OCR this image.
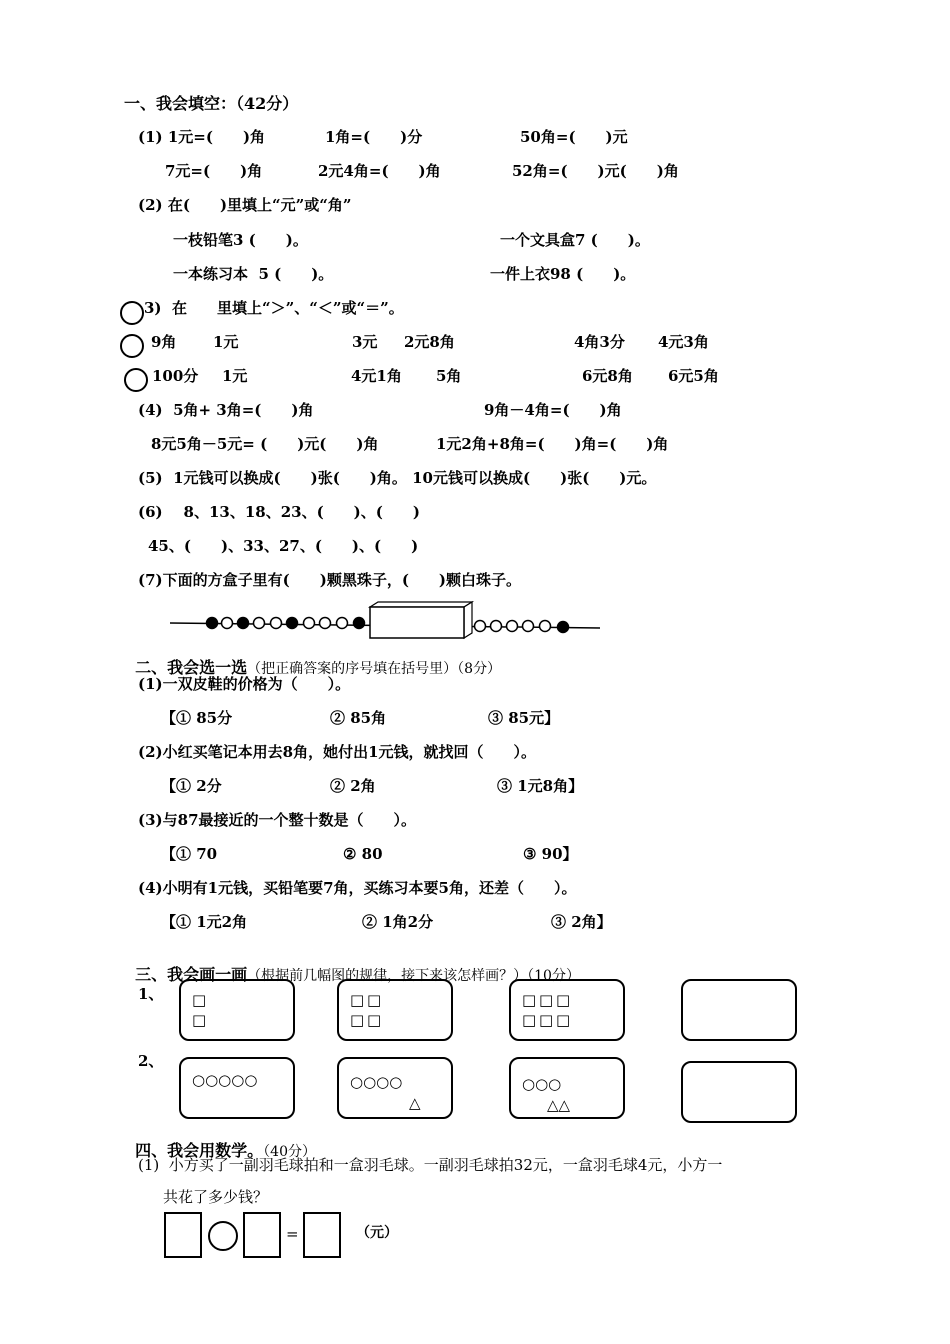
一、我会填空：（42分）
(1) 1元=(　　)角	1角=(　　)分	50角=(　　)元
7元=(　　)角	2元4角=(　　)角	52角=(　　)元(　　)角
(2) 在(　　)里填上“元”或“角”
一枝铅笔3 (　　)。	一个文具盒7 (　　)。
一本练习本  5 (　　)。	一件上衣98 (　　)。
3)  在　　里填上“＞”、“＜”或“＝”。
9角 1元	3元 2元8角	4角3分 4元3角
100分 1元	4元1角 5角	6元8角 6元5角
(4)  5角+ 3角=(　　)角	9角－4角=(　　)角
8元5角－5元= (　　)元(　　)角	1元2角+8角=(　　)角=(　　)角
(5)  1元钱可以换成(　　)张(　　)角。 10元钱可以换成(　　)张(　　)元。
(6)    8、13、18、23、(　　)、(　　)
45、(　　)、33、27、(　　)、(　　)
(7)下面的方盒子里有(　　)颗黑珠子，(　　)颗白珠子。

二、我会选一选（把正确答案的序号填在括号里）（8分）

(1)一双皮鞋的价格为（　　）。
【① 85分	② 85角	③ 85元】
(2)小红买笔记本用去8角，她付出1元钱，就找回（　　）。
【① 2分	② 2角	③ 1元8角】
(3)与87最接近的一个整十数是（　　）。
【① 70	② 80	③ 90】
(4)小明有1元钱，买铅笔要7角，买练习本要5角，还差（　　）。
【① 1元2角	② 1角2分	③ 2角】

三、我会画一画（根据前几幅图的规律，接下来该怎样画？）（10分）

1、 □
□
□ □
□ □
□ □ □
□ □ □
2、
○○○○○	○○○○
△
○○○
△△

四、我会用数学。（40分）

(1)  小方买了一副羽毛球拍和一盒羽毛球。一副羽毛球拍32元，一盒羽毛球4元，小方一
共花了多少钱？
=	（元）
